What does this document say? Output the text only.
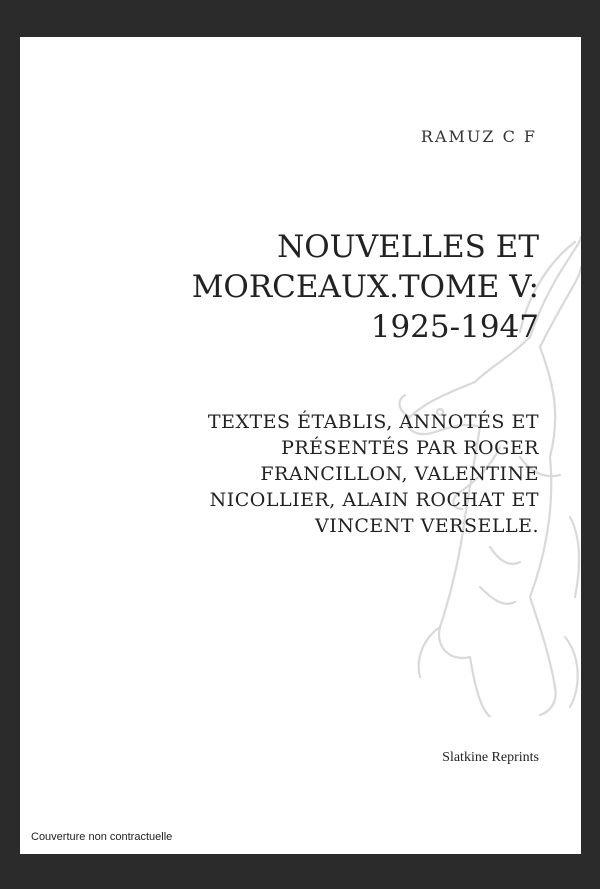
RAMUZ C F
NOUVELLES ET MORCEAUX.TOME V: 1925-1947

TEXTES ÉTABLIS, ANNOTÉS ET PRÉSENTÉS PAR ROGER FRANCILLON, VALENTINE NICOLLIER, ALAIN ROCHAT ET VINCENT VERSELLE.

Slatkine Reprints

Couverture non contractuelle
